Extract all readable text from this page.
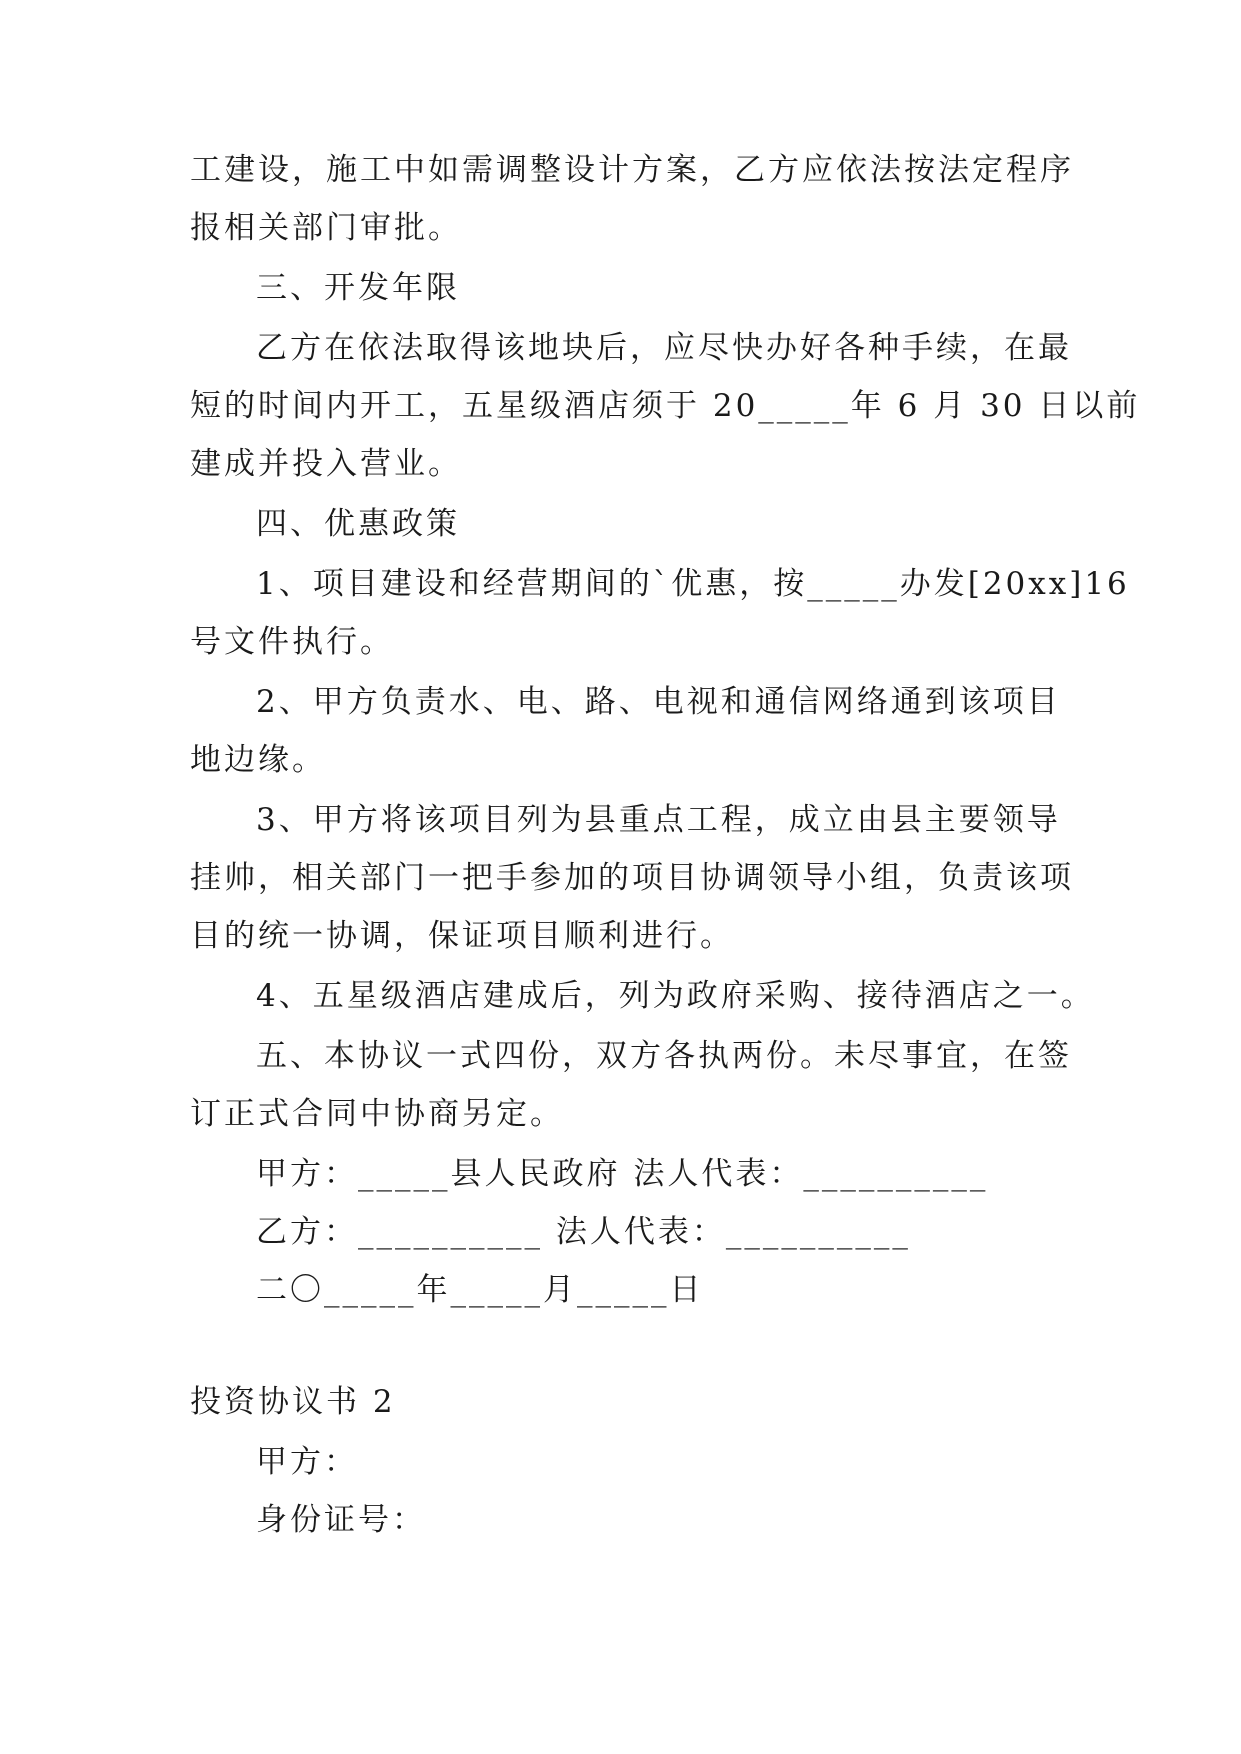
工建设，施工中如需调整设计方案，乙方应依法按法定程序
报相关部门审批。
三、开发年限
乙方在依法取得该地块后，应尽快办好各种手续，在最
短的时间内开工，五星级酒店须于 20_____年 6 月 30 日以前
建成并投入营业。
四、优惠政策
1、项目建设和经营期间的`优惠，按_____办发[20xx]16
号文件执行。
2、甲方负责水、电、路、电视和通信网络通到该项目
地边缘。
3、甲方将该项目列为县重点工程，成立由县主要领导
挂帅，相关部门一把手参加的项目协调领导小组，负责该项
目的统一协调，保证项目顺利进行。
4、五星级酒店建成后，列为政府采购、接待酒店之一。
五、本协议一式四份，双方各执两份。未尽事宜，在签
订正式合同中协商另定。
甲方：_____县人民政府 法人代表：__________
乙方：__________ 法人代表：__________
二〇_____年_____月_____日
投资协议书 2
甲方：
身份证号：
